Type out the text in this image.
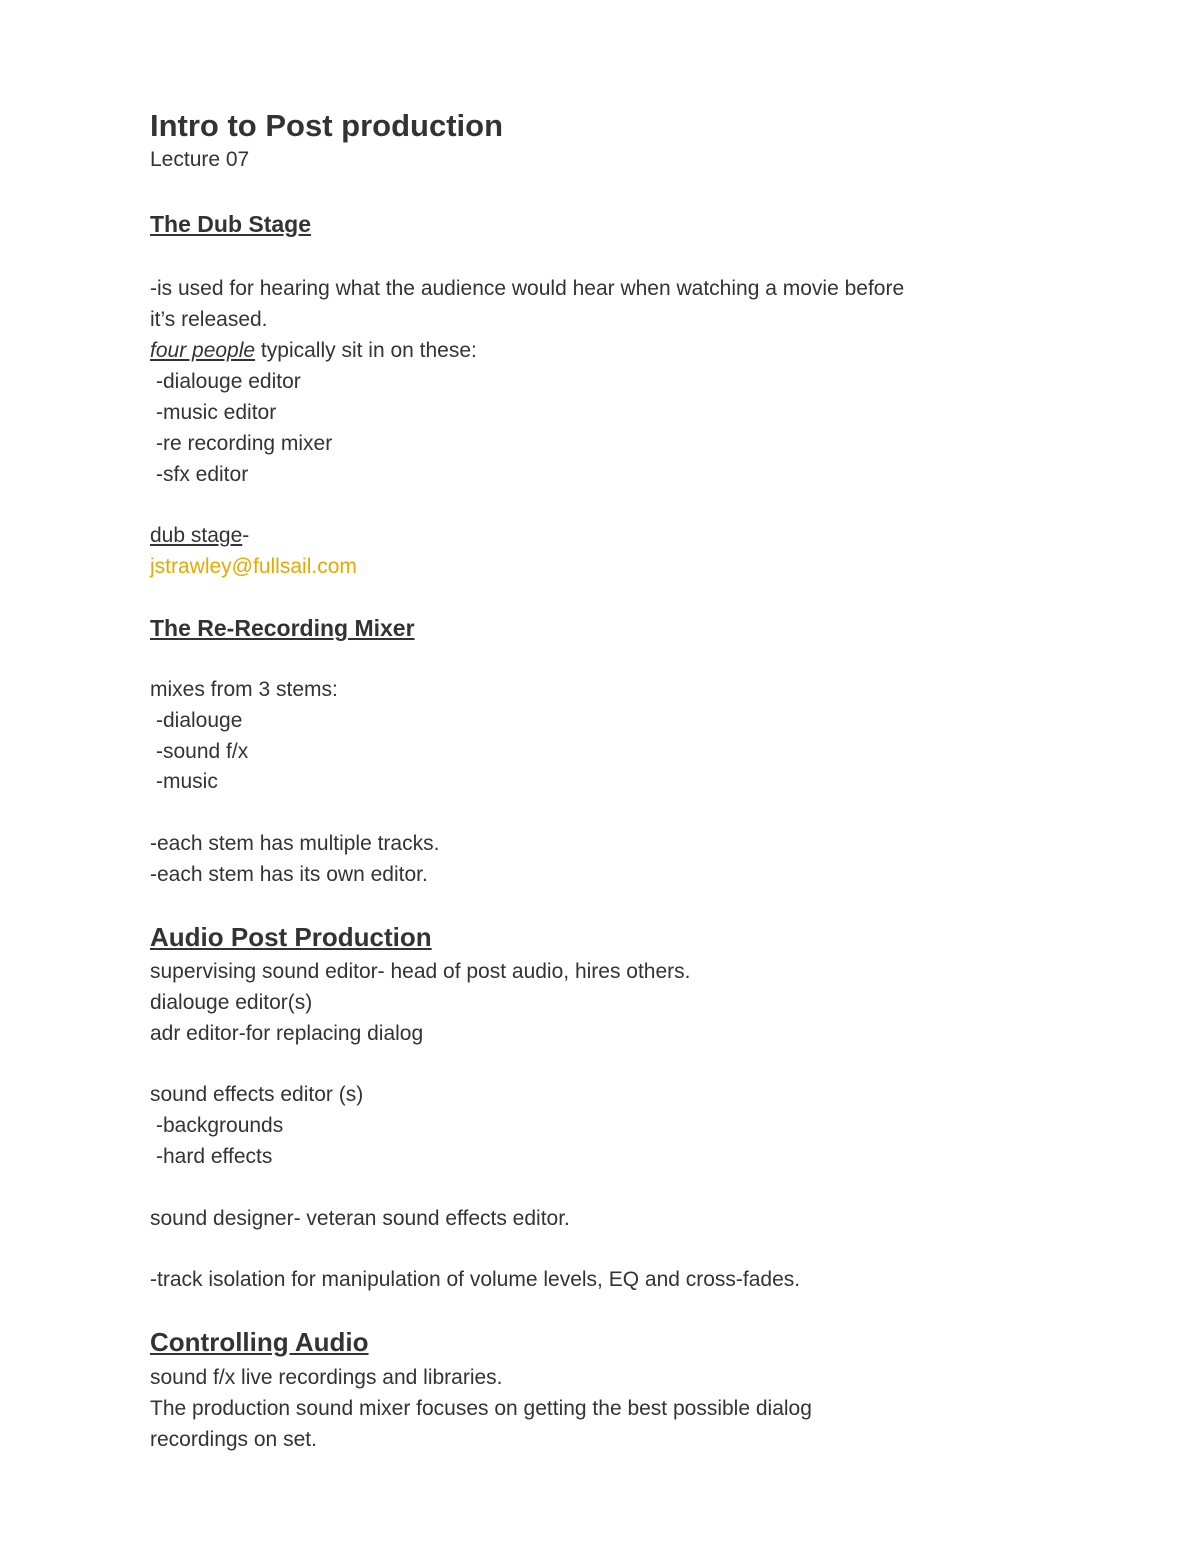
Intro to Post production
Lecture 07
The Dub Stage
-is used for hearing what the audience would hear when watching a movie before
it’s released.
four people typically sit in on these:
-dialouge editor
-music editor
-re recording mixer
-sfx editor
dub stage-
jstrawley@fullsail.com
The Re-Recording Mixer
mixes from 3 stems:
-dialouge
-sound f/x
-music
-each stem has multiple tracks.
-each stem has its own editor.
Audio Post Production
supervising sound editor- head of post audio, hires others.
dialouge editor(s)
adr editor-for replacing dialog
sound effects editor (s)
-backgrounds
-hard effects
sound designer- veteran sound effects editor.
-track isolation for manipulation of volume levels, EQ and cross-fades.
Controlling Audio
sound f/x live recordings and libraries.
The production sound mixer focuses on getting the best possible dialog
recordings on set.
